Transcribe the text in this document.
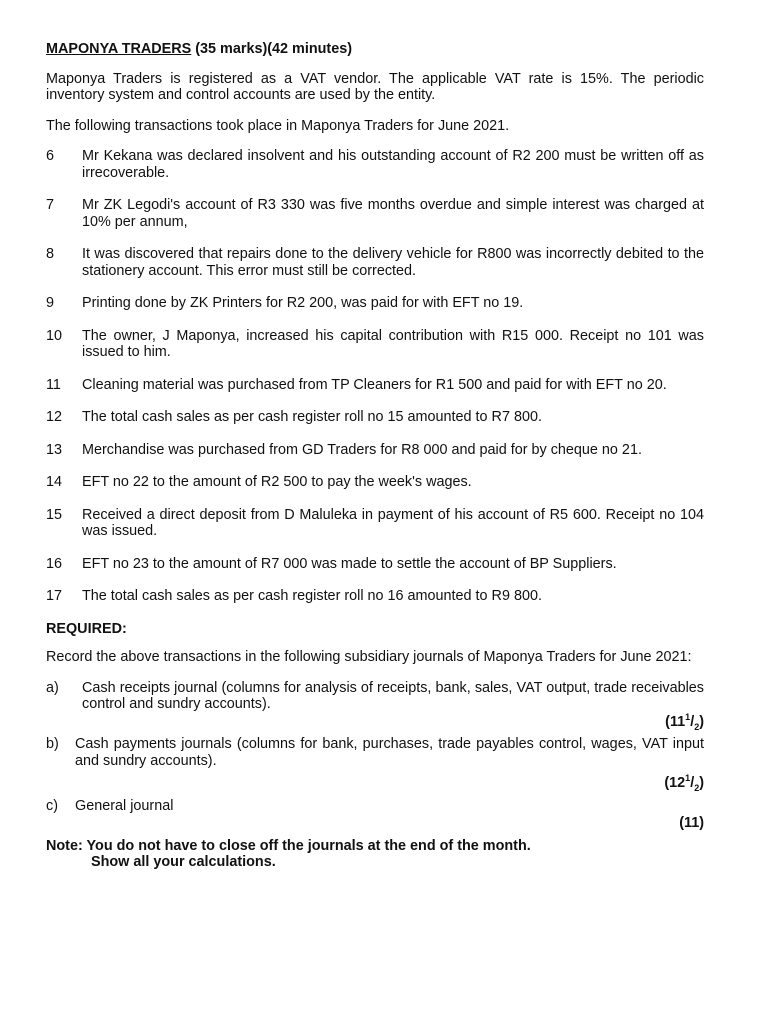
MAPONYA TRADERS (35 marks)(42 minutes)

Maponya Traders is registered as a VAT vendor. The applicable VAT rate is 15%. The periodic inventory system and control accounts are used by the entity.

The following transactions took place in Maponya Traders for June 2021.

6	Mr Kekana was declared insolvent and his outstanding account of R2 200 must be written off as irrecoverable.
7	Mr ZK Legodi's account of R3 330 was five months overdue and simple interest was charged at 10% per annum,
8	It was discovered that repairs done to the delivery vehicle for R800 was incorrectly debited to the stationery account. This error must still be corrected.
9	Printing done by ZK Printers for R2 200, was paid for with EFT no 19.
10	The owner, J Maponya, increased his capital contribution with R15 000. Receipt no 101 was issued to him.
11	Cleaning material was purchased from TP Cleaners for R1 500 and paid for with EFT no 20.
12	The total cash sales as per cash register roll no 15 amounted to R7 800.
13	Merchandise was purchased from GD Traders for R8 000 and paid for by cheque no 21.
14	EFT no 22 to the amount of R2 500 to pay the week's wages.
15	Received a direct deposit from D Maluleka in payment of his account of R5 600. Receipt no 104 was issued.
16	EFT no 23 to the amount of R7 000 was made to settle the account of BP Suppliers.
17	The total cash sales as per cash register roll no 16 amounted to R9 800.
REQUIRED:

Record the above transactions in the following subsidiary journals of Maponya Traders for June 2021:

a)	Cash receipts journal (columns for analysis of receipts, bank, sales, VAT output, trade receivables control and sundry accounts).
$(11^1/_2)$
b)	Cash payments journals (columns for bank, purchases, trade payables control, wages, VAT input and sundry accounts).
$(12^1/_2)$
c)	General journal
(11)
Note: You do not have to close off the journals at the end of the month.
Show all your calculations.
